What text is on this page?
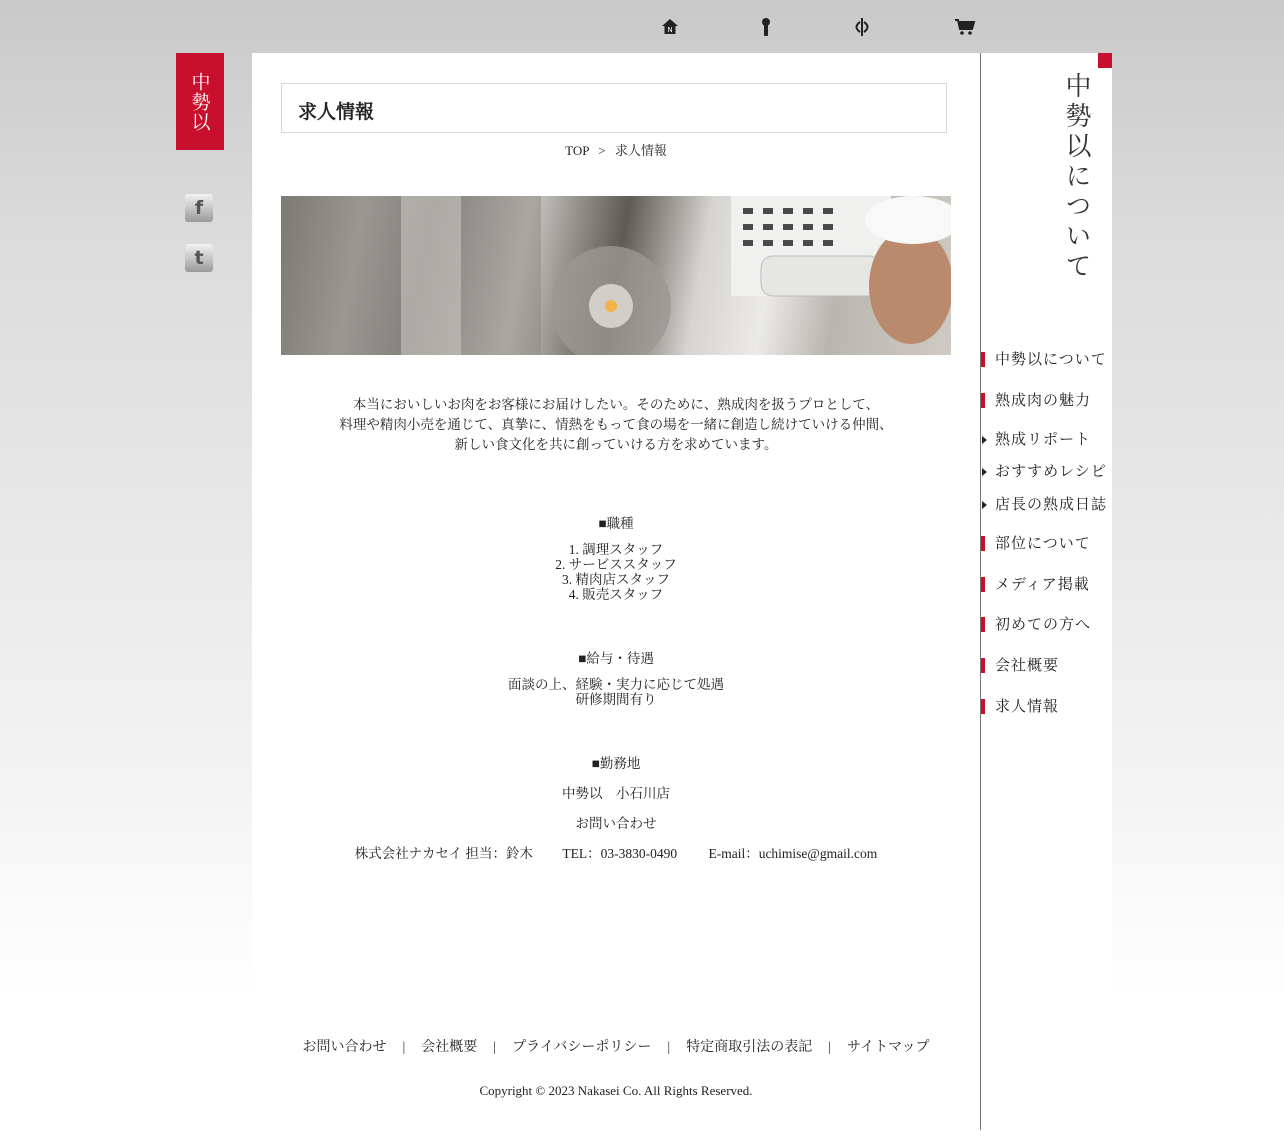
N
中勢以
f
t
求人情報
TOP > 求人情報
本当においしいお肉をお客様にお届けしたい。そのために、熟成肉を扱うプロとして、
料理や精肉小売を通じて、真摯に、情熱をもって食の場を一緒に創造し続けていける仲間、
新しい食文化を共に創っていける方を求めています。
■職種
1. 調理スタッフ
2. サービススタッフ
3. 精肉店スタッフ
4. 販売スタッフ
■給与・待遇
面談の上、経験・実力に応じて処遇
研修期間有り
■勤務地
中勢以　小石川店
お問い合わせ
株式会社ナカセイ 担当：鈴木 TEL：03-3830-0490 E-mail：uchimise@gmail.com
お問い合わせ | 会社概要 | プライバシーポリシー | 特定商取引法の表記 | サイトマップ
Copyright © 2023 Nakasei Co. All Rights Reserved.
中勢以について
中勢以について
熟成肉の魅力
熟成リポート
おすすめレシピ
店長の熟成日誌
部位について
メディア掲載
初めての方へ
会社概要
求人情報
